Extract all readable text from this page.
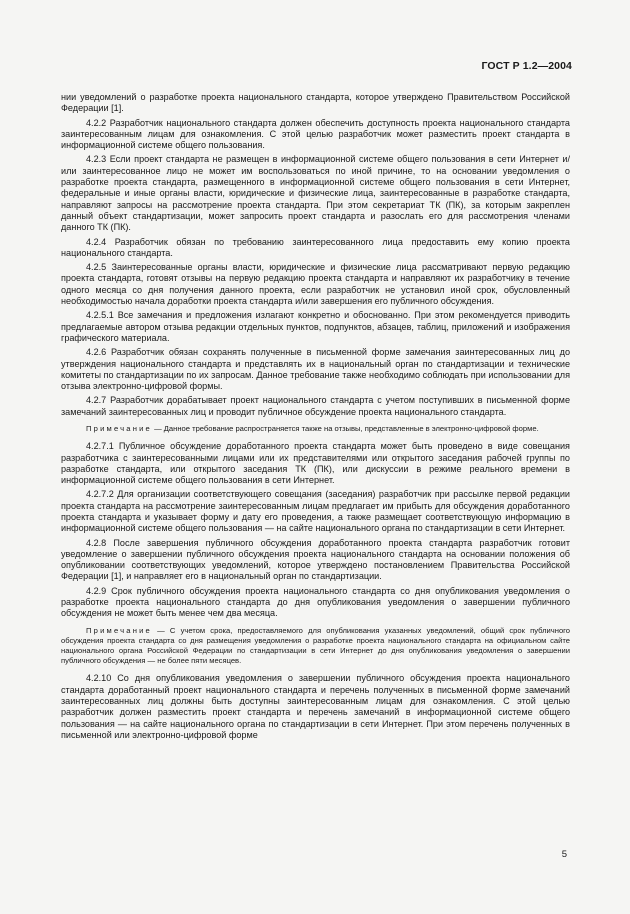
ГОСТ Р 1.2—2004

нии уведомлений о разработке проекта национального стандарта, которое утверждено Правительством Российской Федерации [1].

4.2.2 Разработчик национального стандарта должен обеспечить доступность проекта национального стандарта заинтересованным лицам для ознакомления. С этой целью разработчик может разместить проект стандарта в информационной системе общего пользования.

4.2.3 Если проект стандарта не размещен в информационной системе общего пользования в сети Интернет и/или заинтересованное лицо не может им воспользоваться по иной причине, то на основании уведомления о разработке проекта стандарта, размещенного в информационной системе общего пользования в сети Интернет, федеральные и иные органы власти, юридические и физические лица, заинтересованные в разработке стандарта, направляют запросы на рассмотрение проекта стандарта. При этом секретариат ТК (ПК), за которым закреплен данный объект стандартизации, может запросить проект стандарта и разослать его для рассмотрения членами данного ТК (ПК).

4.2.4 Разработчик обязан по требованию заинтересованного лица предоставить ему копию проекта национального стандарта.

4.2.5 Заинтересованные органы власти, юридические и физические лица рассматривают первую редакцию проекта стандарта, готовят отзывы на первую редакцию проекта стандарта и направляют их разработчику в течение одного месяца со дня получения данного проекта, если разработчик не установил иной срок, обусловленный необходимостью начала доработки проекта стандарта и/или завершения его публичного обсуждения.

4.2.5.1 Все замечания и предложения излагают конкретно и обоснованно. При этом рекомендуется приводить предлагаемые автором отзыва редакции отдельных пунктов, подпунктов, абзацев, таблиц, приложений и изображения графического материала.

4.2.6 Разработчик обязан сохранять полученные в письменной форме замечания заинтересованных лиц до утверждения национального стандарта и представлять их в национальный орган по стандартизации и технические комитеты по стандартизации по их запросам. Данное требование также необходимо соблюдать при использовании для отзыва электронно-цифровой формы.

4.2.7 Разработчик дорабатывает проект национального стандарта с учетом поступивших в письменной форме замечаний заинтересованных лиц и проводит публичное обсуждение проекта национального стандарта.

Примечание — Данное требование распространяется также на отзывы, представленные в электронно-цифровой форме.

4.2.7.1 Публичное обсуждение доработанного проекта стандарта может быть проведено в виде совещания разработчика с заинтересованными лицами или их представителями или открытого заседания рабочей группы по разработке стандарта, или открытого заседания ТК (ПК), или дискуссии в режиме реального времени в информационной системе общего пользования в сети Интернет.

4.2.7.2 Для организации соответствующего совещания (заседания) разработчик при рассылке первой редакции проекта стандарта на рассмотрение заинтересованным лицам предлагает им прибыть для обсуждения доработанного проекта стандарта и указывает форму и дату его проведения, а также размещает соответствующую информацию в информационной системе общего пользования — на сайте национального органа по стандартизации в сети Интернет.

4.2.8 После завершения публичного обсуждения доработанного проекта стандарта разработчик готовит уведомление о завершении публичного обсуждения проекта национального стандарта на основании положения об опубликовании соответствующих уведомлений, которое утверждено постановлением Правительства Российской Федерации [1], и направляет его в национальный орган по стандартизации.

4.2.9 Срок публичного обсуждения проекта национального стандарта со дня опубликования уведомления о разработке проекта национального стандарта до дня опубликования уведомления о завершении публичного обсуждения не может быть менее чем два месяца.

Примечание — С учетом срока, предоставляемого для опубликования указанных уведомлений, общий срок публичного обсуждения проекта стандарта со дня размещения уведомления о разработке проекта национального стандарта на официальном сайте национального органа Российской Федерации по стандартизации в сети Интернет до дня опубликования уведомления о завершении публичного обсуждения — не более пяти месяцев.

4.2.10 Со дня опубликования уведомления о завершении публичного обсуждения проекта национального стандарта доработанный проект национального стандарта и перечень полученных в письменной форме замечаний заинтересованных лиц должны быть доступны заинтересованным лицам для ознакомления. С этой целью разработчик должен разместить проект стандарта и перечень замечаний в информационной системе общего пользования — на сайте национального органа по стандартизации в сети Интернет. При этом перечень полученных в письменной или электронно-цифровой форме

5
